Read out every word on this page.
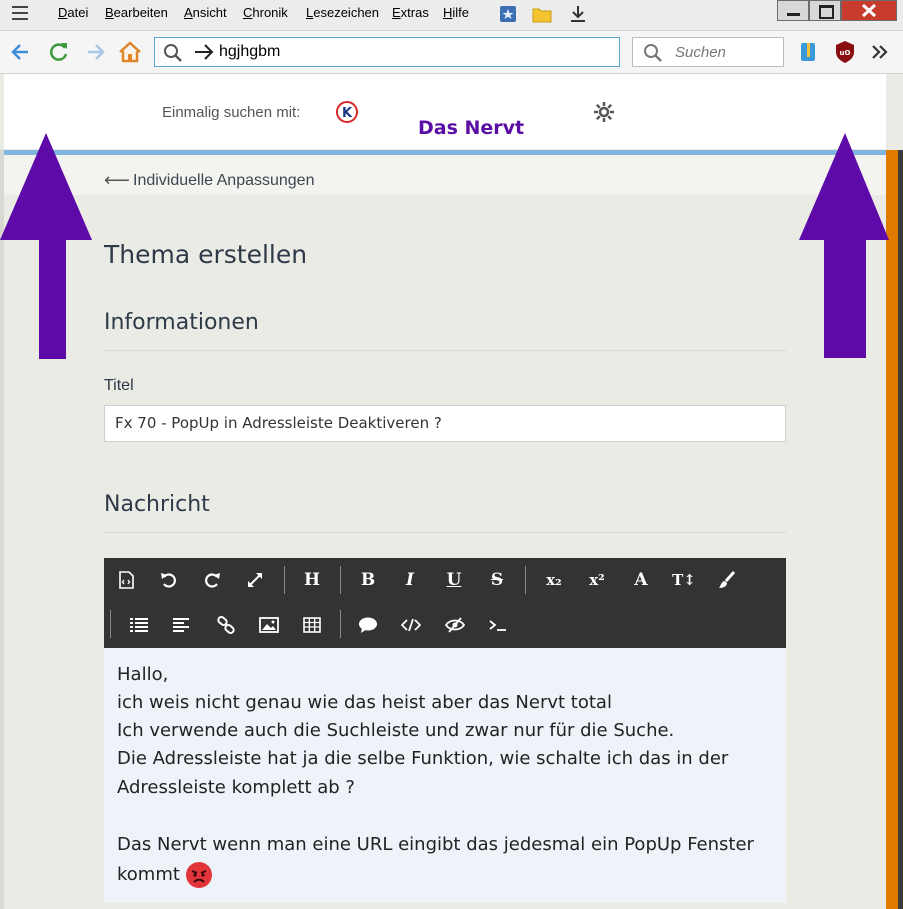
Datei Bearbeiten Ansicht Chronik Lesezeichen Extras Hilfe
hgjhgbm	Suchen	uO
Einmalig suchen mit:	K
Das Nervt
⟵ Individuelle Anpassungen
Thema erstellen
Informationen
Titel
Fx 70 - PopUp in Adressleiste Deaktiveren ?
Nachricht
H B I U S	x₂ x² A T↕
Hallo,
ich weis nicht genau wie das heist aber das Nervt total
Ich verwende auch die Suchleiste und zwar nur für die Suche.
Die Adressleiste hat ja die selbe Funktion, wie schalte ich das in der
Adressleiste komplett ab ?
Das Nervt wenn man eine URL eingibt das jedesmal ein PopUp Fenster
kommt
